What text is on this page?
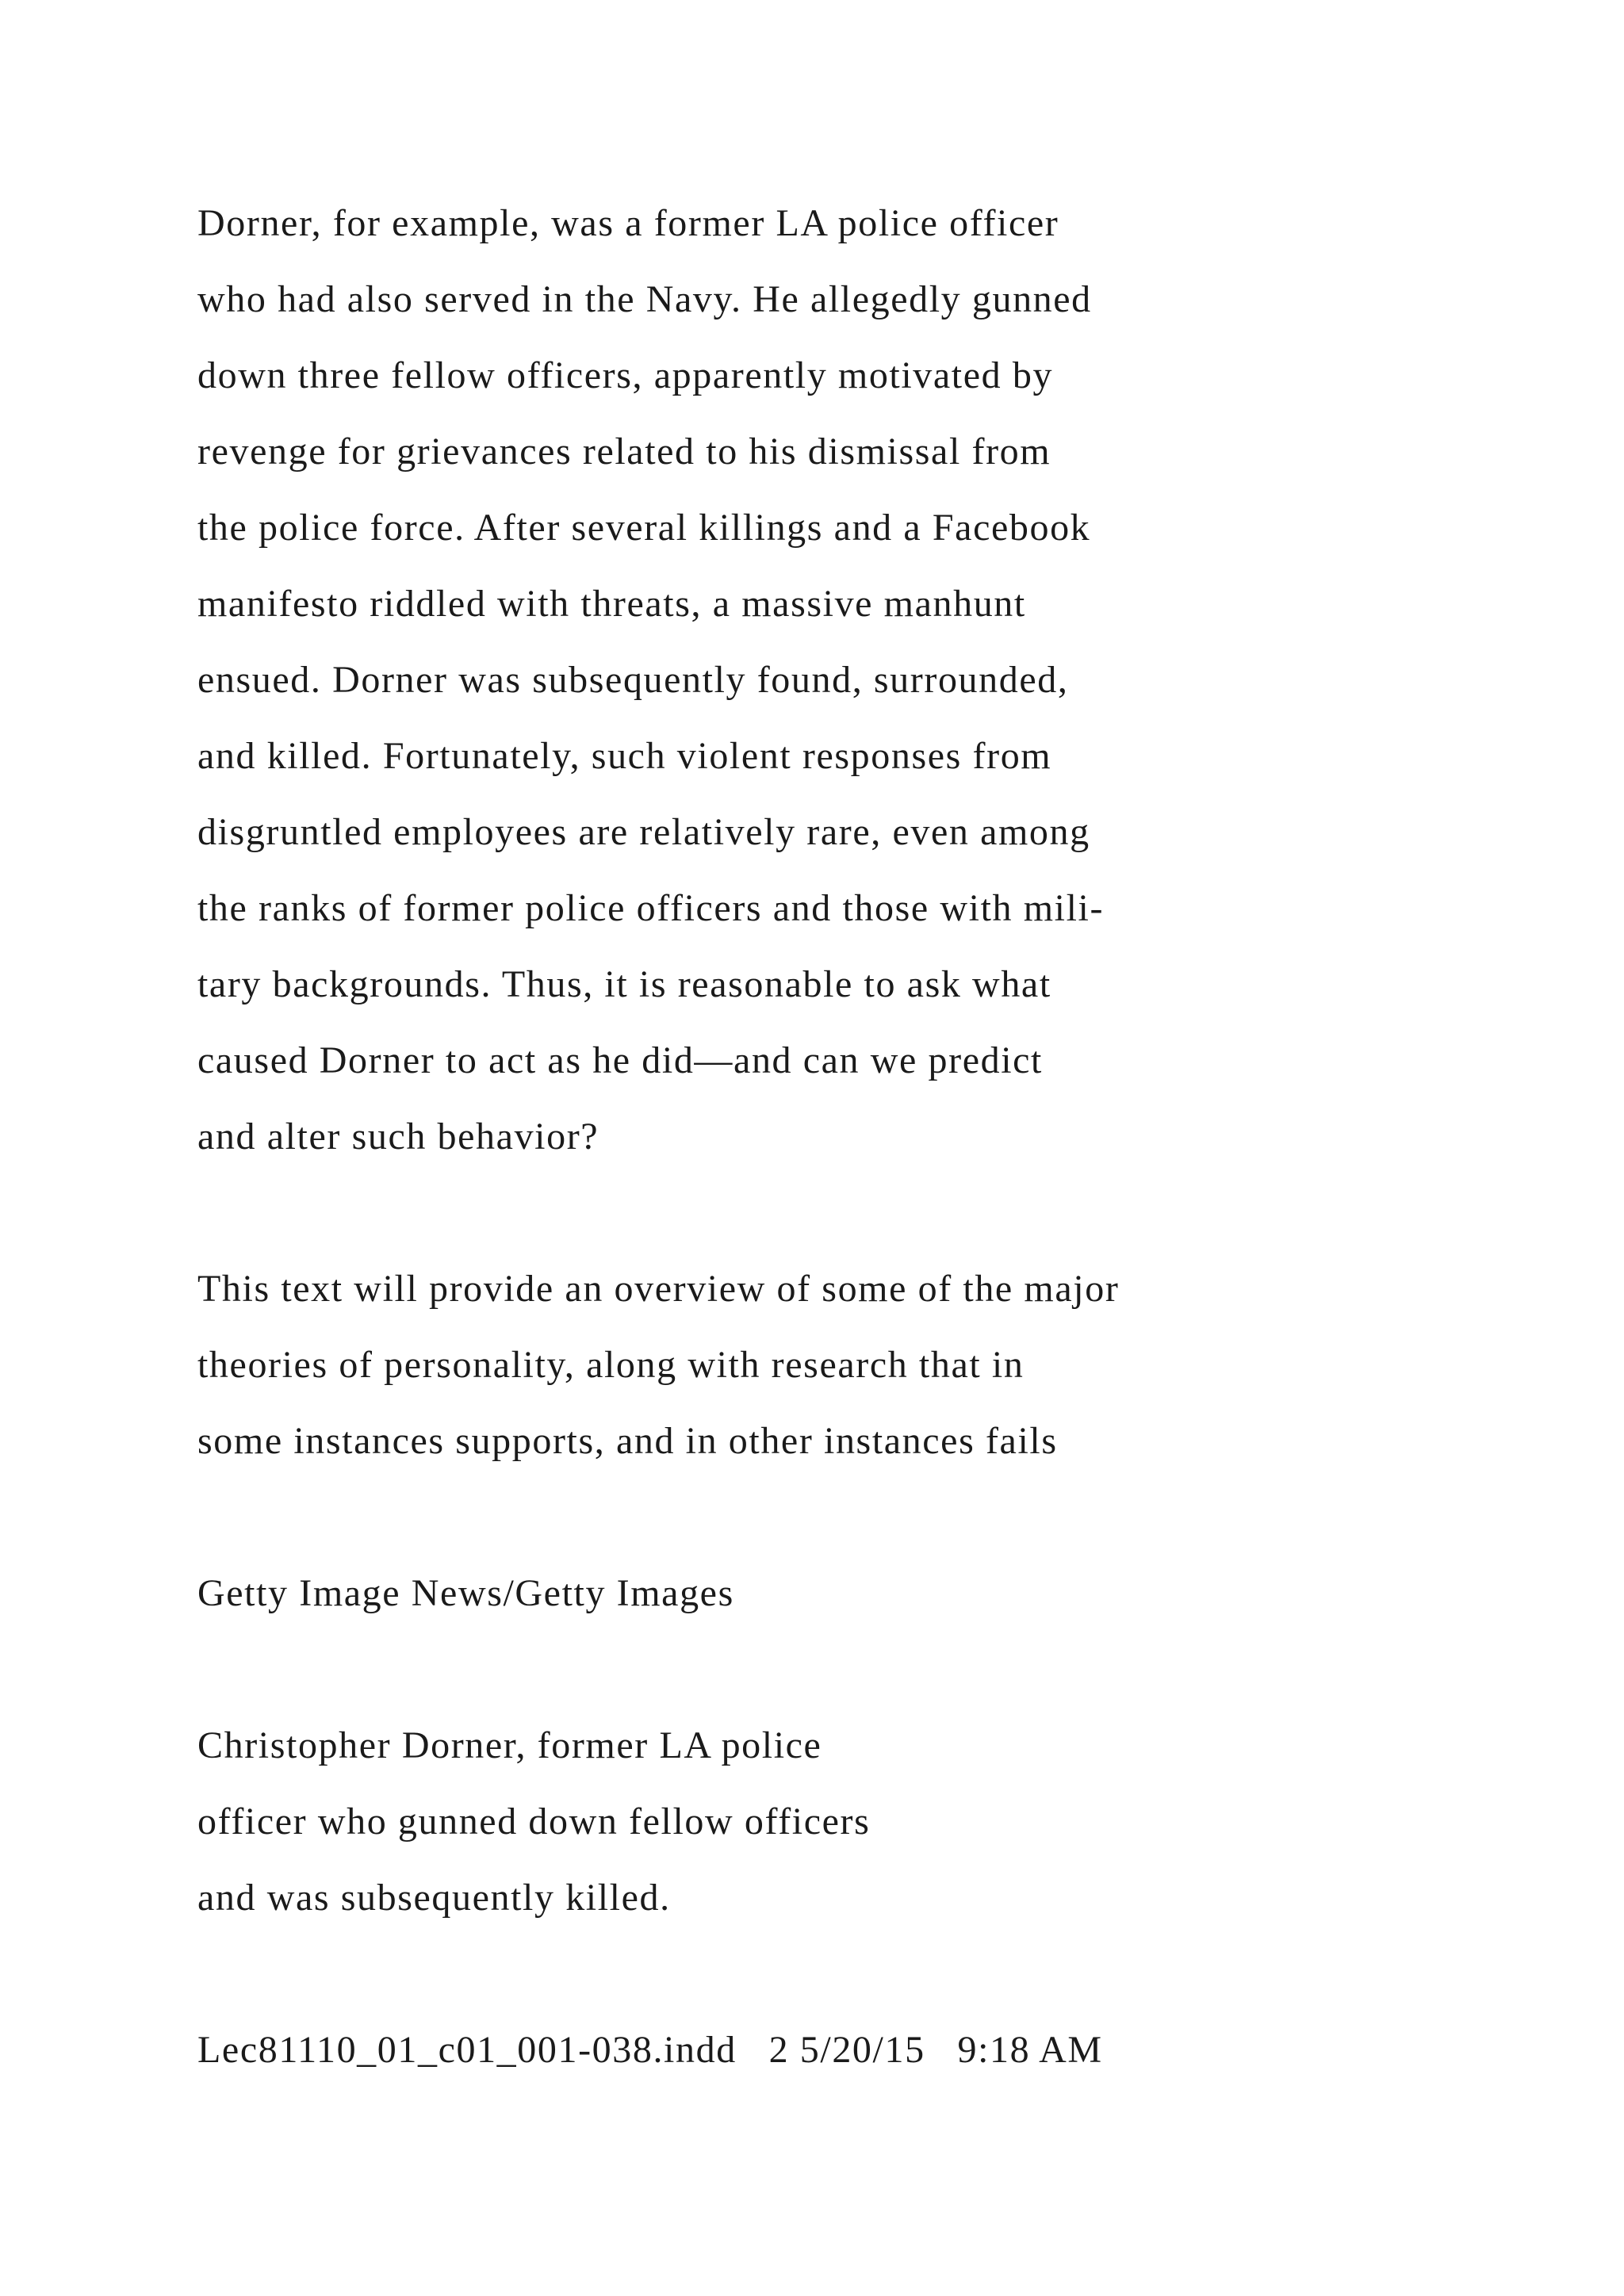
Dorner, for example, was a former LA police officer
who had also served in the Navy. He allegedly gunned
down three fellow officers, apparently motivated by
revenge for grievances related to his dismissal from
the police force. After several killings and a Facebook
manifesto riddled with threats, a massive manhunt
ensued. Dorner was subsequently found, surrounded,
and killed. Fortunately, such violent responses from
disgruntled employees are relatively rare, even among
the ranks of former police officers and those with mili-
tary backgrounds. Thus, it is reasonable to ask what
caused Dorner to act as he did—and can we predict
and alter such behavior?
This text will provide an overview of some of the major
theories of personality, along with research that in
some instances supports, and in other instances fails
Getty Image News/Getty Images
Christopher Dorner, former LA police
officer who gunned down fellow officers
and was subsequently killed.
Lec81110_01_c01_001-038.indd   2 5/20/15   9:18 AM
